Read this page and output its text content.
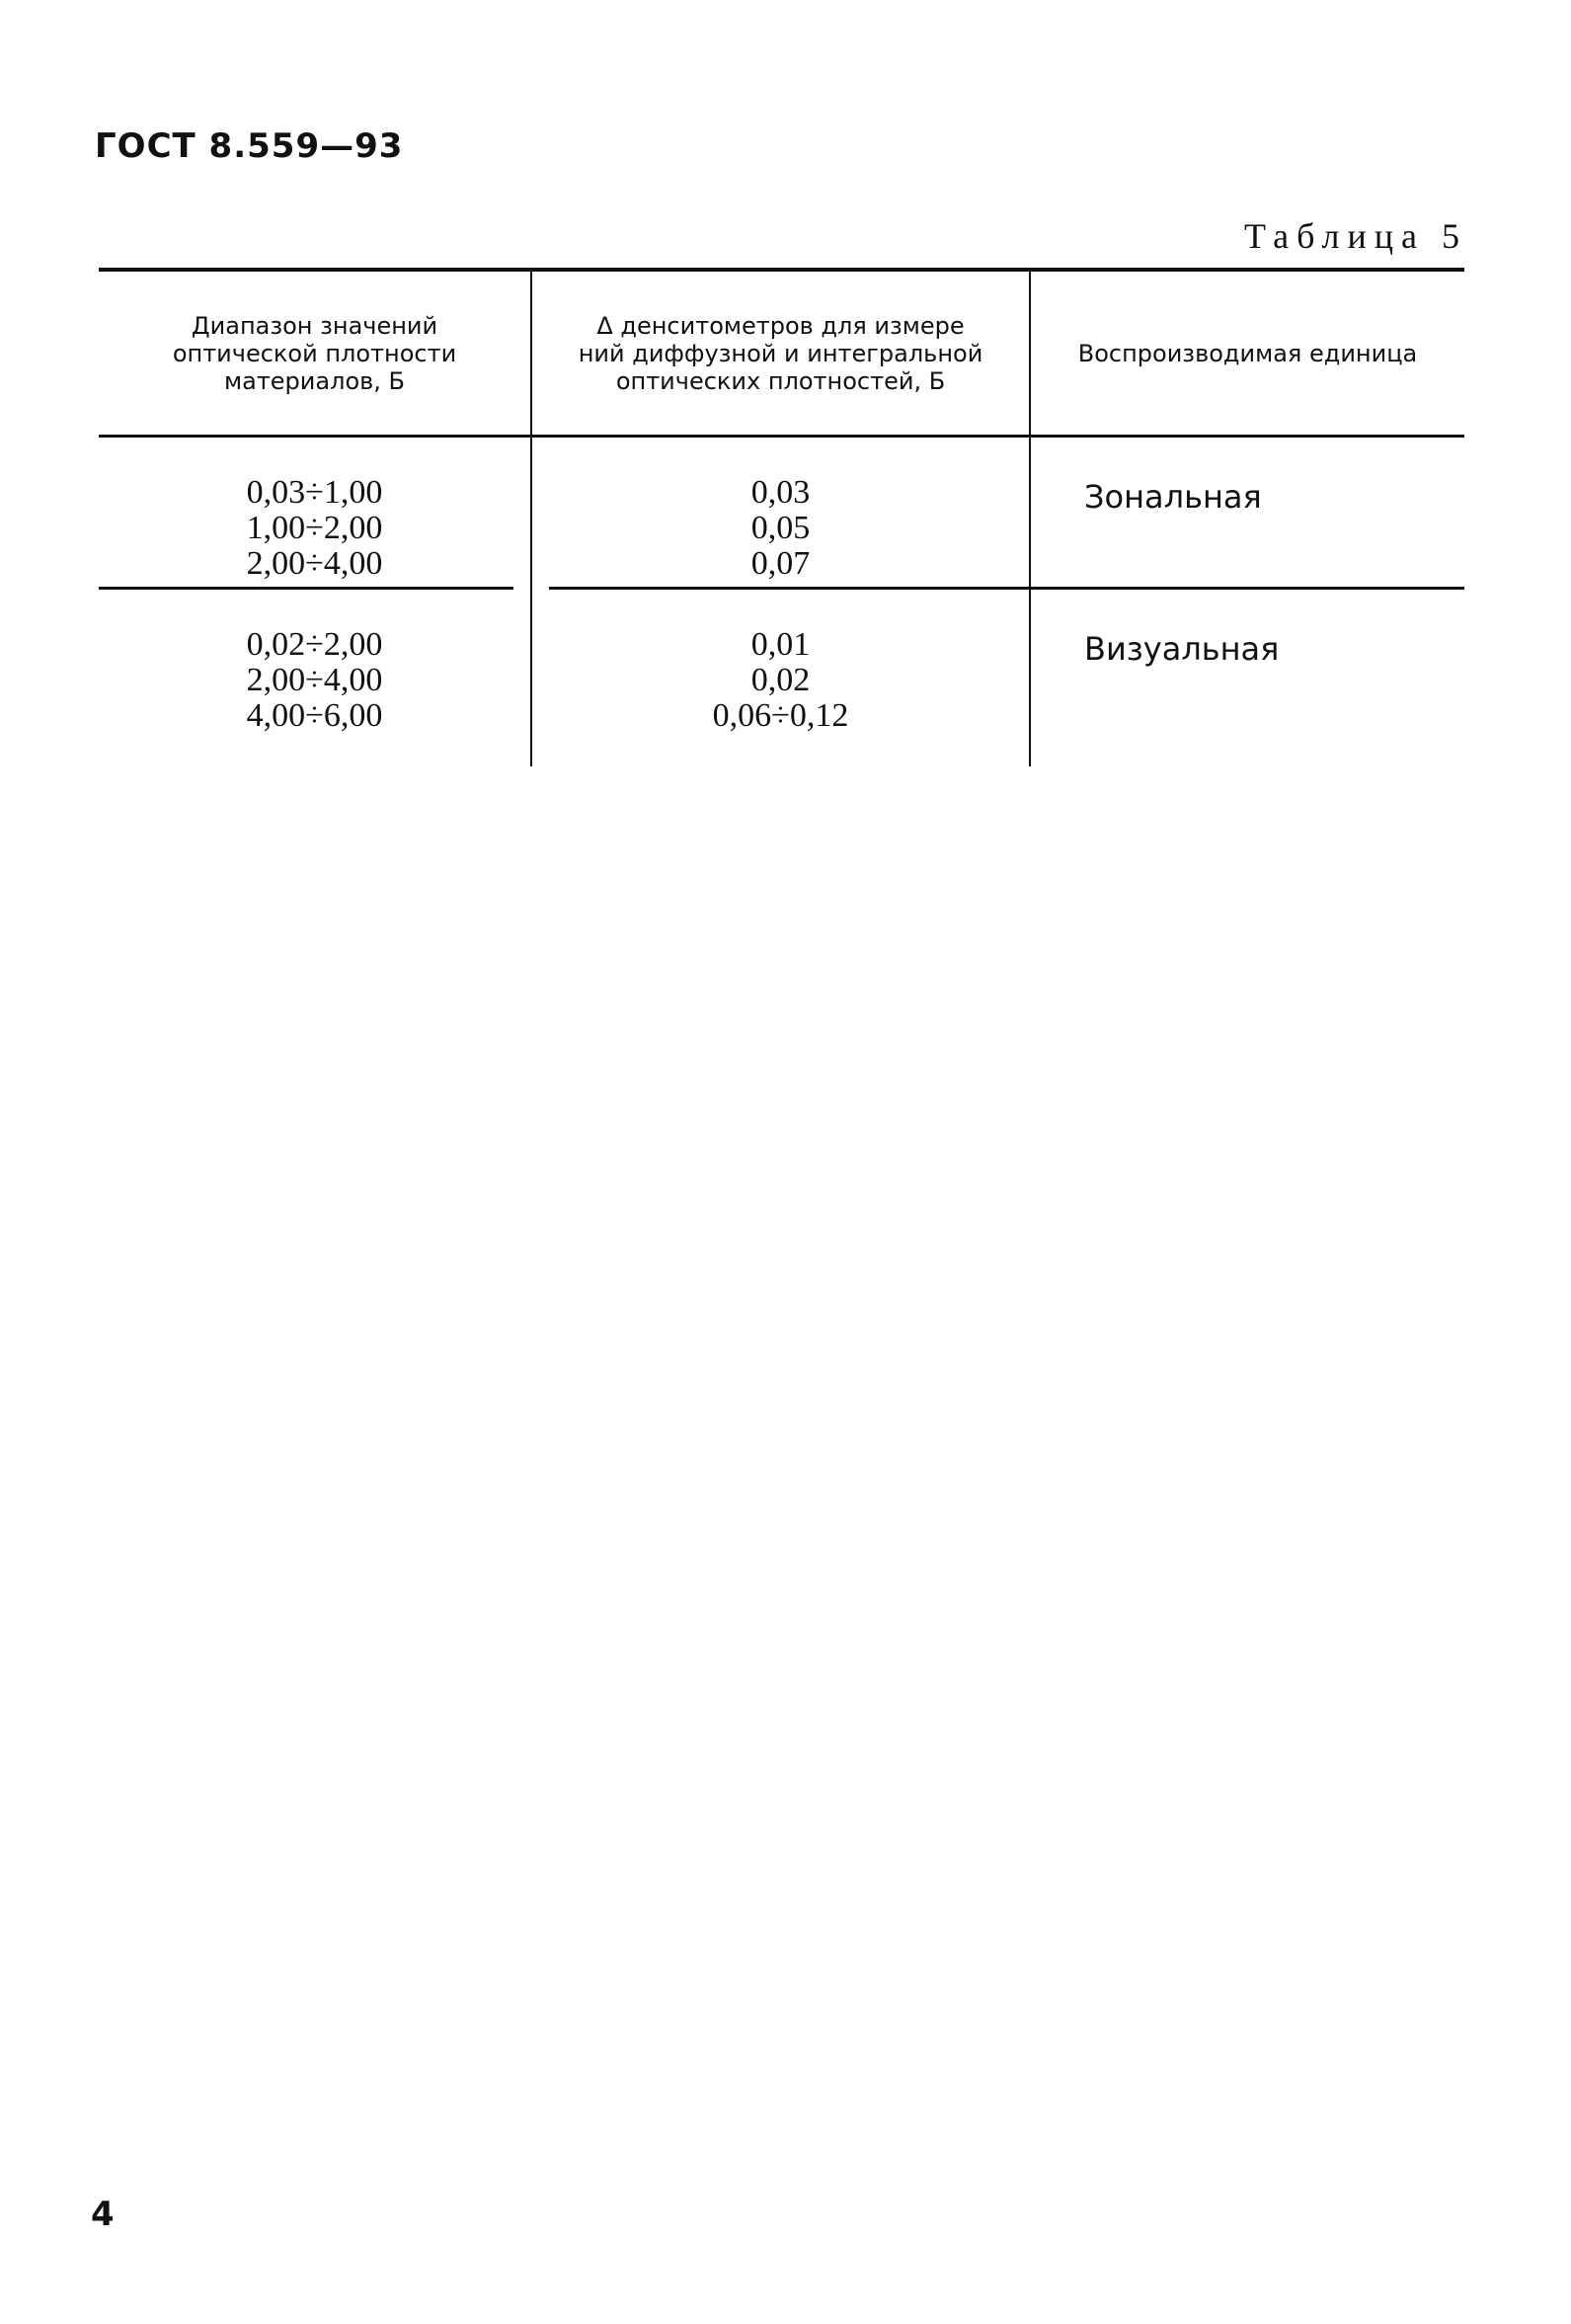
ГОСТ 8.559—93

Таблица 5

Диапазон значений
оптической плотности
материалов, Б
Δ денситометров для измере
ний диффузной и интегральной
оптических плотностей, Б
Воспроизводимая единица
0,03÷1,00
1,00÷2,00
2,00÷4,00
0,03
0,05
0,07

Зональная

0,02÷2,00
2,00÷4,00
4,00÷6,00
0,01
0,02
0,06÷0,12

Визуальная

4
